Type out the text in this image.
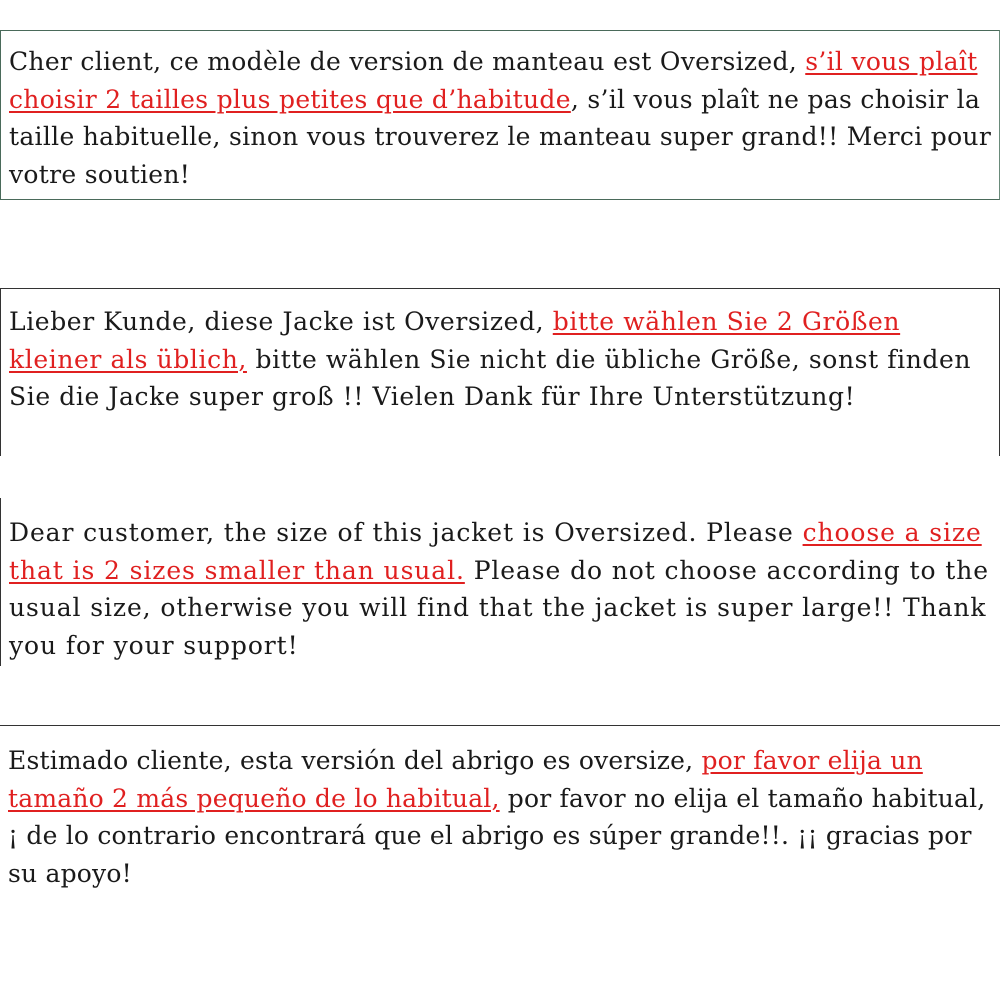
Cher client, ce modèle de version de manteau est Oversized, s’il vous plaît choisir 2 tailles plus petites que d’habitude, s’il vous plaît ne pas choisir la taille habituelle, sinon vous trouverez le manteau super grand!! Merci pour votre soutien!

Lieber Kunde, diese Jacke ist Oversized, bitte wählen Sie 2 Größen kleiner als üblich, bitte wählen Sie nicht die übliche Größe, sonst finden Sie die Jacke super groß !! Vielen Dank für Ihre Unterstützung!

Dear customer, the size of this jacket is Oversized. Please choose a size that is 2 sizes smaller than usual. Please do not choose according to the usual size, otherwise you will find that the jacket is super large!! Thank you for your support!

Estimado cliente, esta versión del abrigo es oversize, por favor elija un tamaño 2 más pequeño de lo habitual, por favor no elija el tamaño habitual, ¡ de lo contrario encontrará que el abrigo es súper grande!!. ¡¡ gracias por su apoyo!
